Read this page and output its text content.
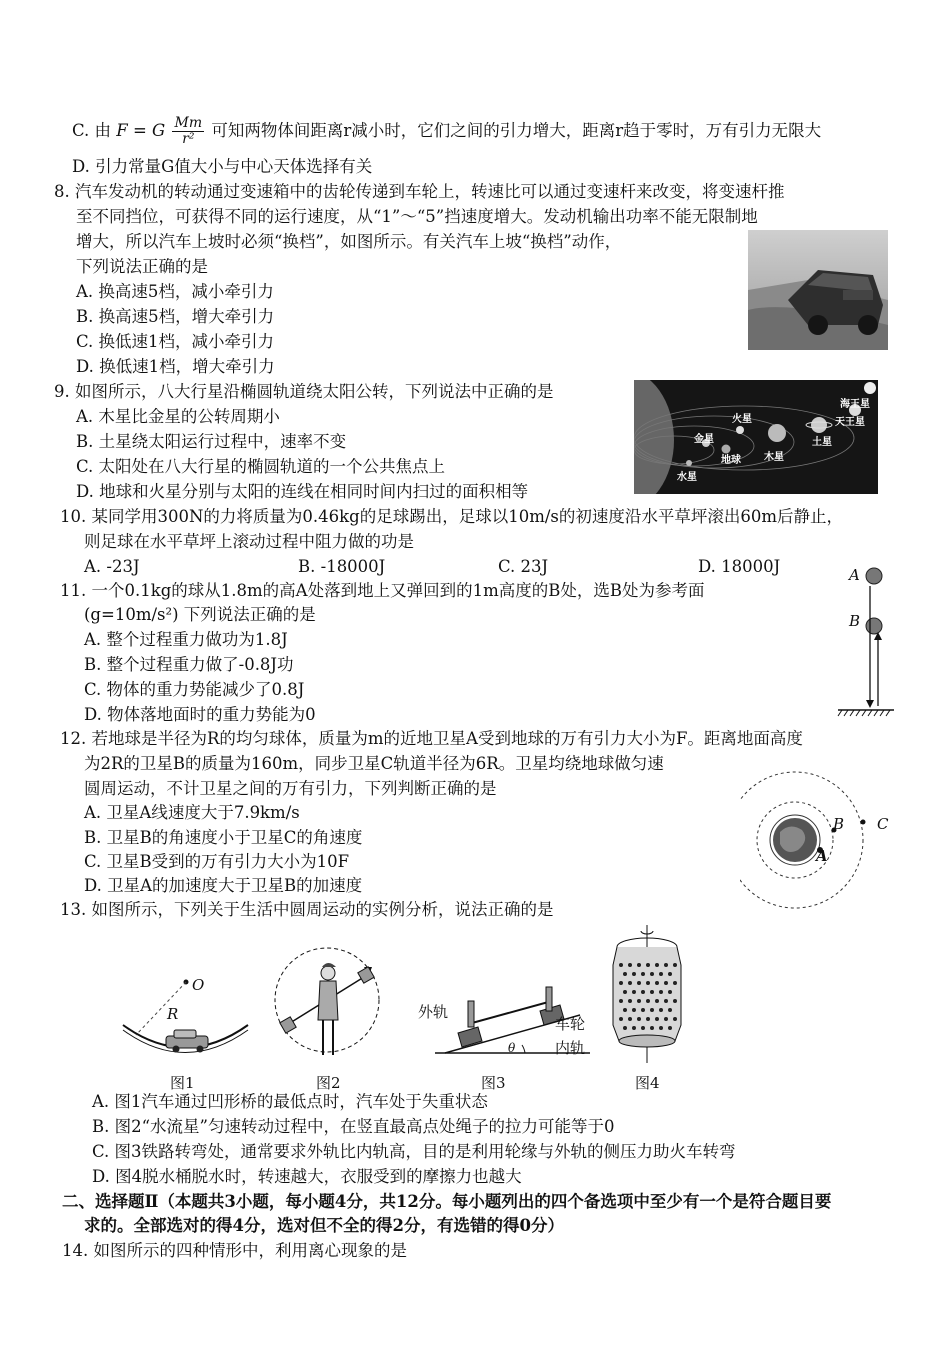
C. 由 F = G $\frac{Mm}{\text{r²}}$ 可知两物体间距离r减小时，它们之间的引力增大，距离r趋于零时，万有引力无限大
D. 引力常量G值大小与中心天体选择有关
8. 汽车发动机的转动通过变速箱中的齿轮传递到车轮上，转速比可以通过变速杆来改变，将变速杆推
至不同挡位，可获得不同的运行速度，从“1”～“5”挡速度增大。发动机输出功率不能无限制地
增大，所以汽车上坡时必须“换档”，如图所示。有关汽车上坡“换档”动作，
下列说法正确的是
A. 换高速5档，减小牵引力
B. 换高速5档，增大牵引力
C. 换低速1档，减小牵引力
D. 换低速1档，增大牵引力
9. 如图所示，八大行星沿椭圆轨道绕太阳公转，下列说法中正确的是
A. 木星比金星的公转周期小
B. 土星绕太阳运行过程中，速率不变
C. 太阳处在八大行星的椭圆轨道的一个公共焦点上
D. 地球和火星分别与太阳的连线在相同时间内扫过的面积相等
水星
金星
地球
火星
木星
土星
天王星
海王星
10. 某同学用300N的力将质量为0.46kg的足球踢出，足球以10m/s的初速度沿水平草坪滚出60m后静止，
则足球在水平草坪上滚动过程中阻力做的功是
A. -23J	B. -18000J	C. 23J	D. 18000J
11. 一个0.1kg的球从1.8m的高A处落到地上又弹回到的1m高度的B处，选B处为参考面
(g=10m/s²) 下列说法正确的是
A. 整个过程重力做功为1.8J
B. 整个过程重力做了-0.8J功
C. 物体的重力势能减少了0.8J
D. 物体落地面时的重力势能为0
A
B
12. 若地球是半径为R的均匀球体，质量为m的近地卫星A受到地球的万有引力大小为F。距离地面高度
为2R的卫星B的质量为160m，同步卫星C轨道半径为6R。卫星均绕地球做匀速
圆周运动，不计卫星之间的万有引力，下列判断正确的是
A. 卫星A线速度大于7.9km/s
B. 卫星B的角速度小于卫星C的角速度
C. 卫星B受到的万有引力大小为10F
D. 卫星A的加速度大于卫星B的加速度
B C
A
13. 如图所示，下列关于生活中圆周运动的实例分析，说法正确的是
O
R
图1	图2
外轨
车轮
内轨
θ
图3	图4
A. 图1汽车通过凹形桥的最低点时，汽车处于失重状态
B. 图2“水流星”匀速转动过程中，在竖直最高点处绳子的拉力可能等于0
C. 图3铁路转弯处，通常要求外轨比内轨高，目的是利用轮缘与外轨的侧压力助火车转弯
D. 图4脱水桶脱水时，转速越大，衣服受到的摩擦力也越大
二、选择题Ⅱ（本题共3小题，每小题4分，共12分。每小题列出的四个备选项中至少有一个是符合题目要
求的。全部选对的得4分，选对但不全的得2分，有选错的得0分）
14. 如图所示的四种情形中，利用离心现象的是
